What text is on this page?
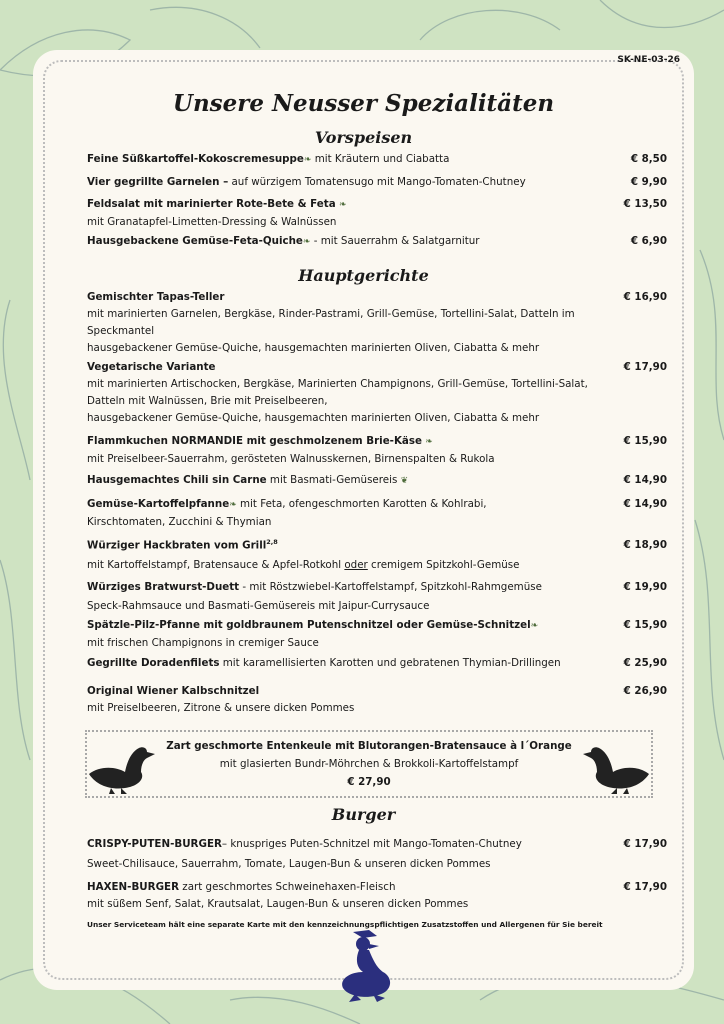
SK-NE-03-26
Unsere Neusser Spezialitäten
Vorspeisen
Feine Süßkartoffel-Kokoscremesuppe❧ mit Kräutern und Ciabatta	€ 8,50
Vier gegrillte Garnelen – auf würzigem Tomatensugo mit Mango-Tomaten-Chutney	€ 9,90
Feldsalat mit marinierter Rote-Bete & Feta ❧
mit Granatapfel-Limetten-Dressing & Walnüssen
€ 13,50
Hausgebackene Gemüse-Feta-Quiche❧ - mit Sauerrahm & Salatgarnitur	€ 6,90
Hauptgerichte
Gemischter Tapas-Teller
mit marinierten Garnelen, Bergkäse, Rinder-Pastrami, Grill-Gemüse, Tortellini-Salat, Datteln im
Speckmantel
hausgebackener Gemüse-Quiche, hausgemachten marinierten Oliven, Ciabatta & mehr
€ 16,90
Vegetarische Variante
mit marinierten Artischocken, Bergkäse, Marinierten Champignons, Grill-Gemüse, Tortellini-Salat,
Datteln mit Walnüssen, Brie mit Preiselbeeren,
hausgebackener Gemüse-Quiche, hausgemachten marinierten Oliven, Ciabatta & mehr
€ 17,90
Flammkuchen NORMANDIE mit geschmolzenem Brie-Käse ❧
mit Preiselbeer-Sauerrahm, gerösteten Walnusskernen, Birnenspalten & Rukola
€ 15,90
Hausgemachtes Chili sin Carne mit Basmati-Gemüsereis ❦	€ 14,90
Gemüse-Kartoffelpfanne❧ mit Feta, ofengeschmorten Karotten & Kohlrabi,
Kirschtomaten, Zucchini & Thymian
€ 14,90
Würziger Hackbraten vom Grill$^{2,8}$
mit Kartoffelstampf, Bratensauce & Apfel-Rotkohl oder cremigem Spitzkohl-Gemüse
€ 18,90
Würziges Bratwurst-Duett - mit Röstzwiebel-Kartoffelstampf, Spitzkohl-Rahmgemüse
Speck-Rahmsauce und Basmati-Gemüsereis mit Jaipur-Currysauce
€ 19,90
Spätzle-Pilz-Pfanne mit goldbraunem Putenschnitzel oder Gemüse-Schnitzel❧
mit frischen Champignons in cremiger Sauce
€ 15,90
Gegrillte Doradenfilets mit karamellisierten Karotten und gebratenen Thymian-Drillingen	€ 25,90
Original Wiener Kalbschnitzel
mit Preiselbeeren, Zitrone & unsere dicken Pommes
€ 26,90
Zart geschmorte Entenkeule mit Blutorangen-Bratensauce à l´Orange
mit glasierten Bundr-Möhrchen & Brokkoli-Kartoffelstampf
€ 27,90
Burger
CRISPY-PUTEN-BURGER– knuspriges Puten-Schnitzel mit Mango-Tomaten-Chutney
Sweet-Chilisauce, Sauerrahm, Tomate, Laugen-Bun & unseren dicken Pommes
€ 17,90
HAXEN-BURGER zart geschmortes Schweinehaxen-Fleisch
mit süßem Senf, Salat, Krautsalat, Laugen-Bun & unseren dicken Pommes
€ 17,90
Unser Serviceteam hält eine separate Karte mit den kennzeichnungspflichtigen Zusatzstoffen und Allergenen für Sie bereit
